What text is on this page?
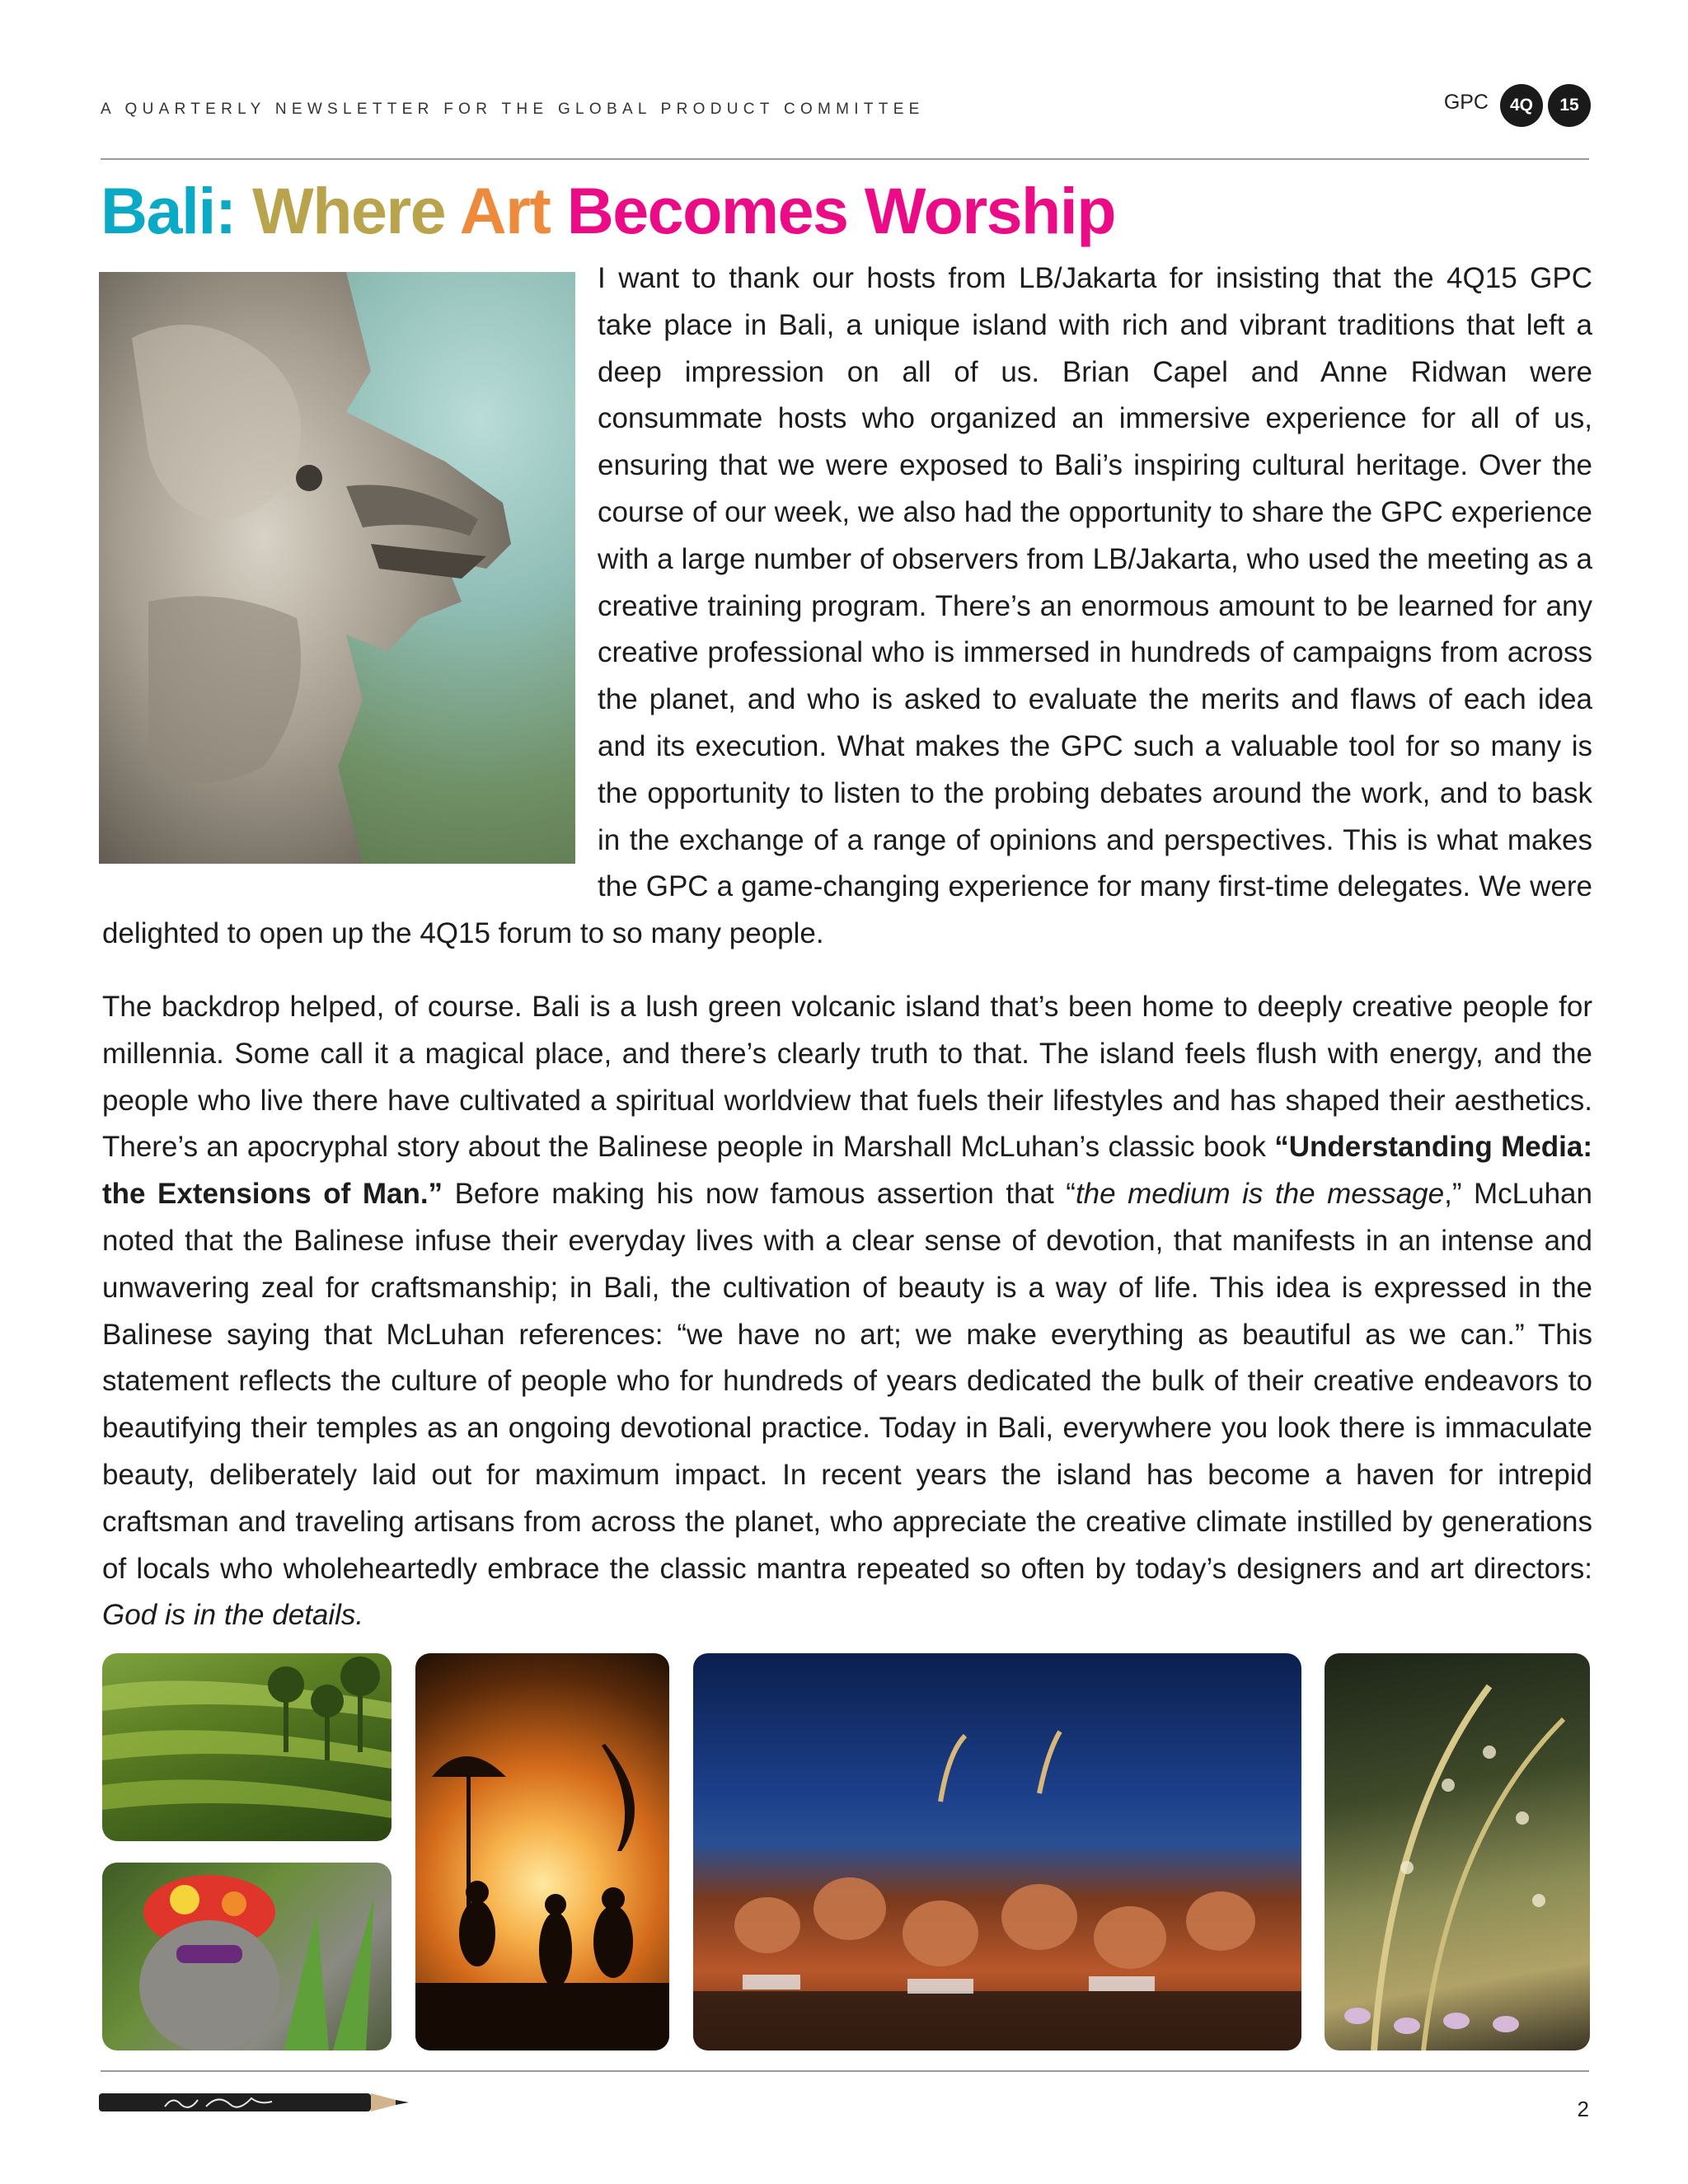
A QUARTERLY NEWSLETTER FOR THE GLOBAL PRODUCT COMMITTEE	GPC	4Q	15
Bali: Where Art Becomes Worship
I want to thank our hosts from LB/Jakarta for insisting that the 4Q15 GPC take place in Bali, a unique island with rich and vibrant traditions that left a deep impression on all of us. Brian Capel and Anne Ridwan were consummate hosts who organized an immersive experience for all of us, ensuring that we were exposed to Bali’s inspiring cultural heritage. Over the course of our week, we also had the opportunity to share the GPC experience with a large number of observers from LB/Jakarta, who used the meeting as a creative training program. There’s an enormous amount to be learned for any creative professional who is immersed in hundreds of campaigns from across the planet, and who is asked to evaluate the merits and flaws of each idea and its execution. What makes the GPC such a valuable tool for so many is the opportunity to listen to the probing debates around the work, and to bask in the exchange of a range of opinions and perspectives. This is what makes the GPC a game-changing experience for many first-time delegates. We were delighted to open up the 4Q15 forum to so many people.
The backdrop helped, of course. Bali is a lush green volcanic island that’s been home to deeply creative people for millennia. Some call it a magical place, and there’s clearly truth to that. The island feels flush with energy, and the people who live there have cultivated a spiritual worldview that fuels their lifestyles and has shaped their aesthetics. There’s an apocryphal story about the Balinese people in Marshall McLuhan’s classic book “Understanding Media: the Extensions of Man.” Before making his now famous assertion that “the medium is the message,” McLuhan noted that the Balinese infuse their everyday lives with a clear sense of devotion, that manifests in an intense and unwavering zeal for craftsmanship; in Bali, the cultivation of beauty is a way of life. This idea is expressed in the Balinese saying that McLuhan references: “we have no art; we make everything as beautiful as we can.” This statement reflects the culture of people who for hundreds of years dedicated the bulk of their creative endeavors to beautifying their temples as an ongoing devotional practice. Today in Bali, everywhere you look there is immaculate beauty, deliberately laid out for maximum impact. In recent years the island has become a haven for intrepid craftsman and traveling artisans from across the planet, who appreciate the creative climate instilled by generations of locals who wholeheartedly embrace the classic mantra repeated so often by today’s designers and art directors: God is in the details.
2
